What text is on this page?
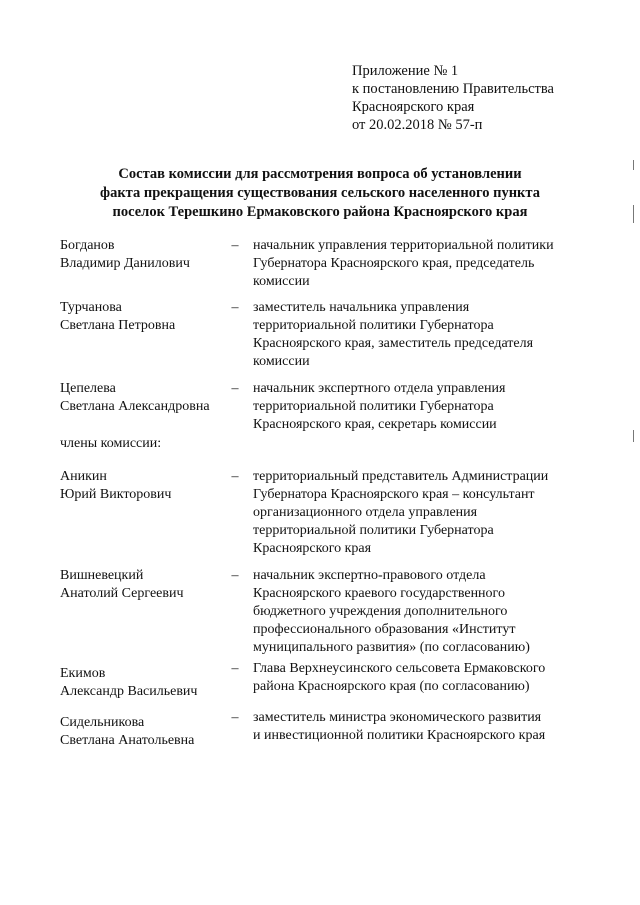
Приложение № 1
к постановлению Правительства
Красноярского края
от 20.02.2018 № 57-п
Состав комиссии для рассмотрения вопроса об установлении
факта прекращения существования сельского населенного пункта
поселок Терешкино Ермаковского района Красноярского края
Богданов
Владимир Данилович
– начальник управления территориальной политики
Губернатора Красноярского края, председатель
комиссии
Турчанова
Светлана Петровна
– заместитель начальника управления
территориальной политики Губернатора
Красноярского края, заместитель председателя
комиссии
Цепелева
Светлана Александровна
– начальник экспертного отдела управления
территориальной политики Губернатора
Красноярского края, секретарь комиссии
члены комиссии:
Аникин
Юрий Викторович
– территориальный представитель Администрации
Губернатора Красноярского края – консультант
организационного отдела управления
территориальной политики Губернатора
Красноярского края
Вишневецкий
Анатолий Сергеевич
– начальник экспертно-правового отдела
Красноярского краевого государственного
бюджетного учреждения дополнительного
профессионального образования «Институт
муниципального развития» (по согласованию)
Екимов
Александр Васильевич
– Глава Верхнеусинского сельсовета Ермаковского
района Красноярского края (по согласованию)
Сидельникова
Светлана Анатольевна
– заместитель министра экономического развития
и инвестиционной политики Красноярского края
